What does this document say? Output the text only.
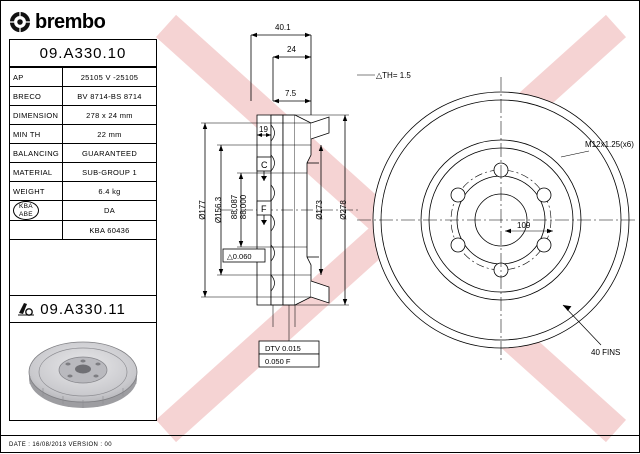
brembo
09.A330.10
AP	25105 V -25105
BRECO	BV 8714-BS 8714
DIMENSION	278 x 24 mm
MIN TH	22 mm
BALANCING	GUARANTEED
MATERIAL	SUB-GROUP 1
WEIGHT	6.4 kg
KBA
ABE	DA
	KBA 60436
09.A330.11
40.1
24
△TH= 1.5
7.5
19
Ø177 Ø156.3 88.087 88.000	Ø173 Ø278
C
F
△0.060
DTV 0.015
0.050 F
M12x1.25(x6)
109
40 FINS
DATE : 16/08/2013 VERSION : 00
